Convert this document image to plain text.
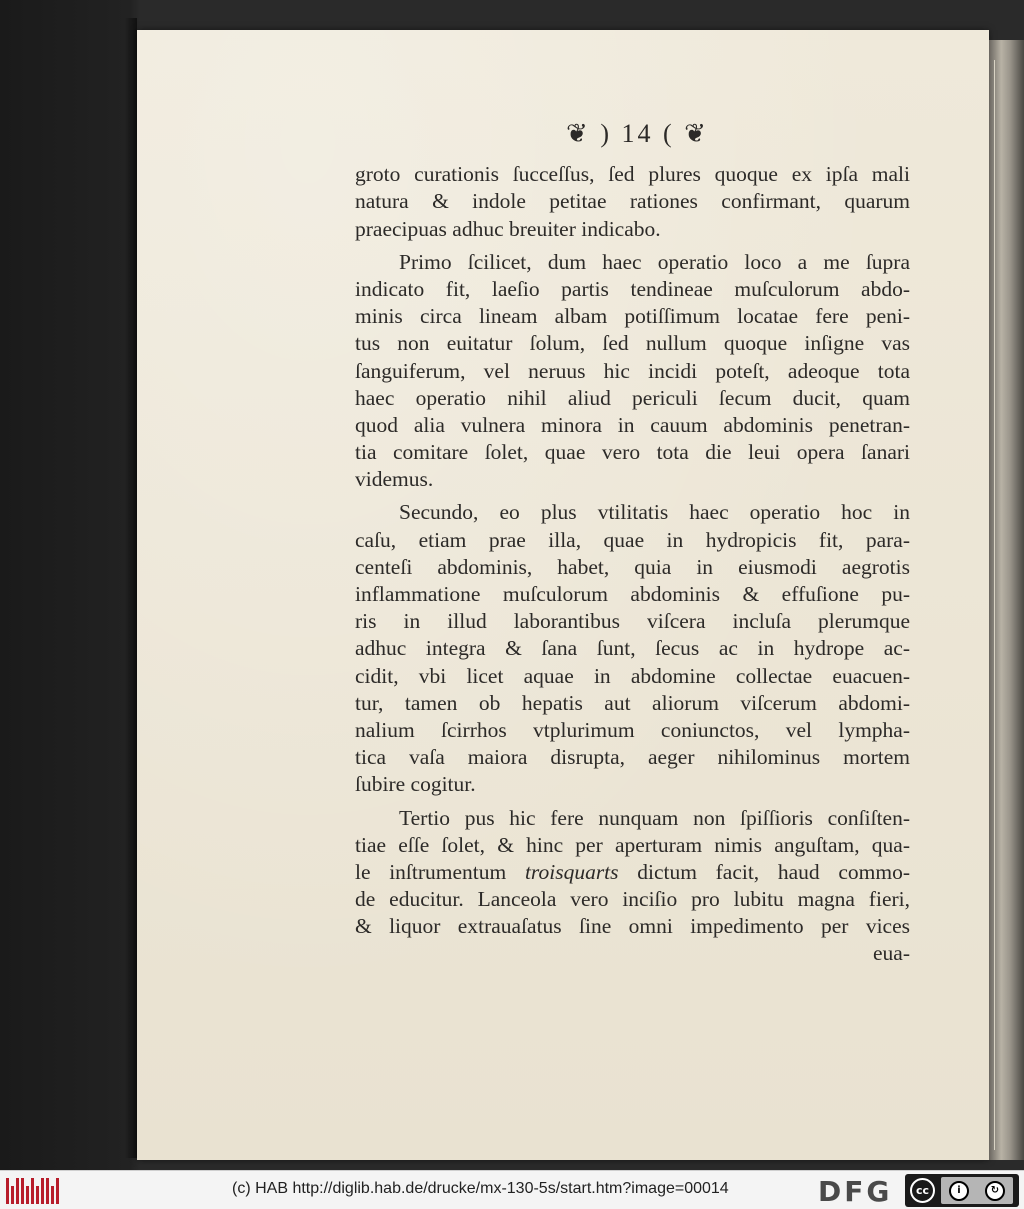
❦ ) 14 ( ❦
groto curationis ſucceſſus, ſed plures quoque ex ipſa mali
natura & indole petitae rationes confirmant, quarum
praecipuas adhuc breuiter indicabo.
Primo ſcilicet, dum haec operatio loco a me ſupra
indicato fit, laeſio partis tendineae muſculorum abdo-
minis circa lineam albam potiſſimum locatae fere peni-
tus non euitatur ſolum, ſed nullum quoque inſigne vas
ſanguiferum, vel neruus hic incidi poteſt, adeoque tota
haec operatio nihil aliud periculi ſecum ducit, quam
quod alia vulnera minora in cauum abdominis penetran-
tia comitare ſolet, quae vero tota die leui opera ſanari
videmus.
Secundo, eo plus vtilitatis haec operatio hoc in
caſu, etiam prae illa, quae in hydropicis fit, para-
centeſi abdominis, habet, quia in eiusmodi aegrotis
inflammatione muſculorum abdominis & effuſione pu-
ris in illud laborantibus viſcera incluſa plerumque
adhuc integra & ſana ſunt, ſecus ac in hydrope ac-
cidit, vbi licet aquae in abdomine collectae euacuen-
tur, tamen ob hepatis aut aliorum viſcerum abdomi-
nalium ſcirrhos vtplurimum coniunctos, vel lympha-
tica vaſa maiora disrupta, aeger nihilominus mortem
ſubire cogitur.
Tertio pus hic fere nunquam non ſpiſſioris conſiſten-
tiae eſſe ſolet, & hinc per aperturam nimis anguſtam, qua-
le inſtrumentum troisquarts dictum facit, haud commo-
de educitur. Lanceola vero inciſio pro lubitu magna fieri,
& liquor extrauaſatus ſine omni impedimento per vices
eua-
(c) HAB http://diglib.hab.de/drucke/mx-130-5s/start.htm?image=00014	DFG	cc	i	↻
